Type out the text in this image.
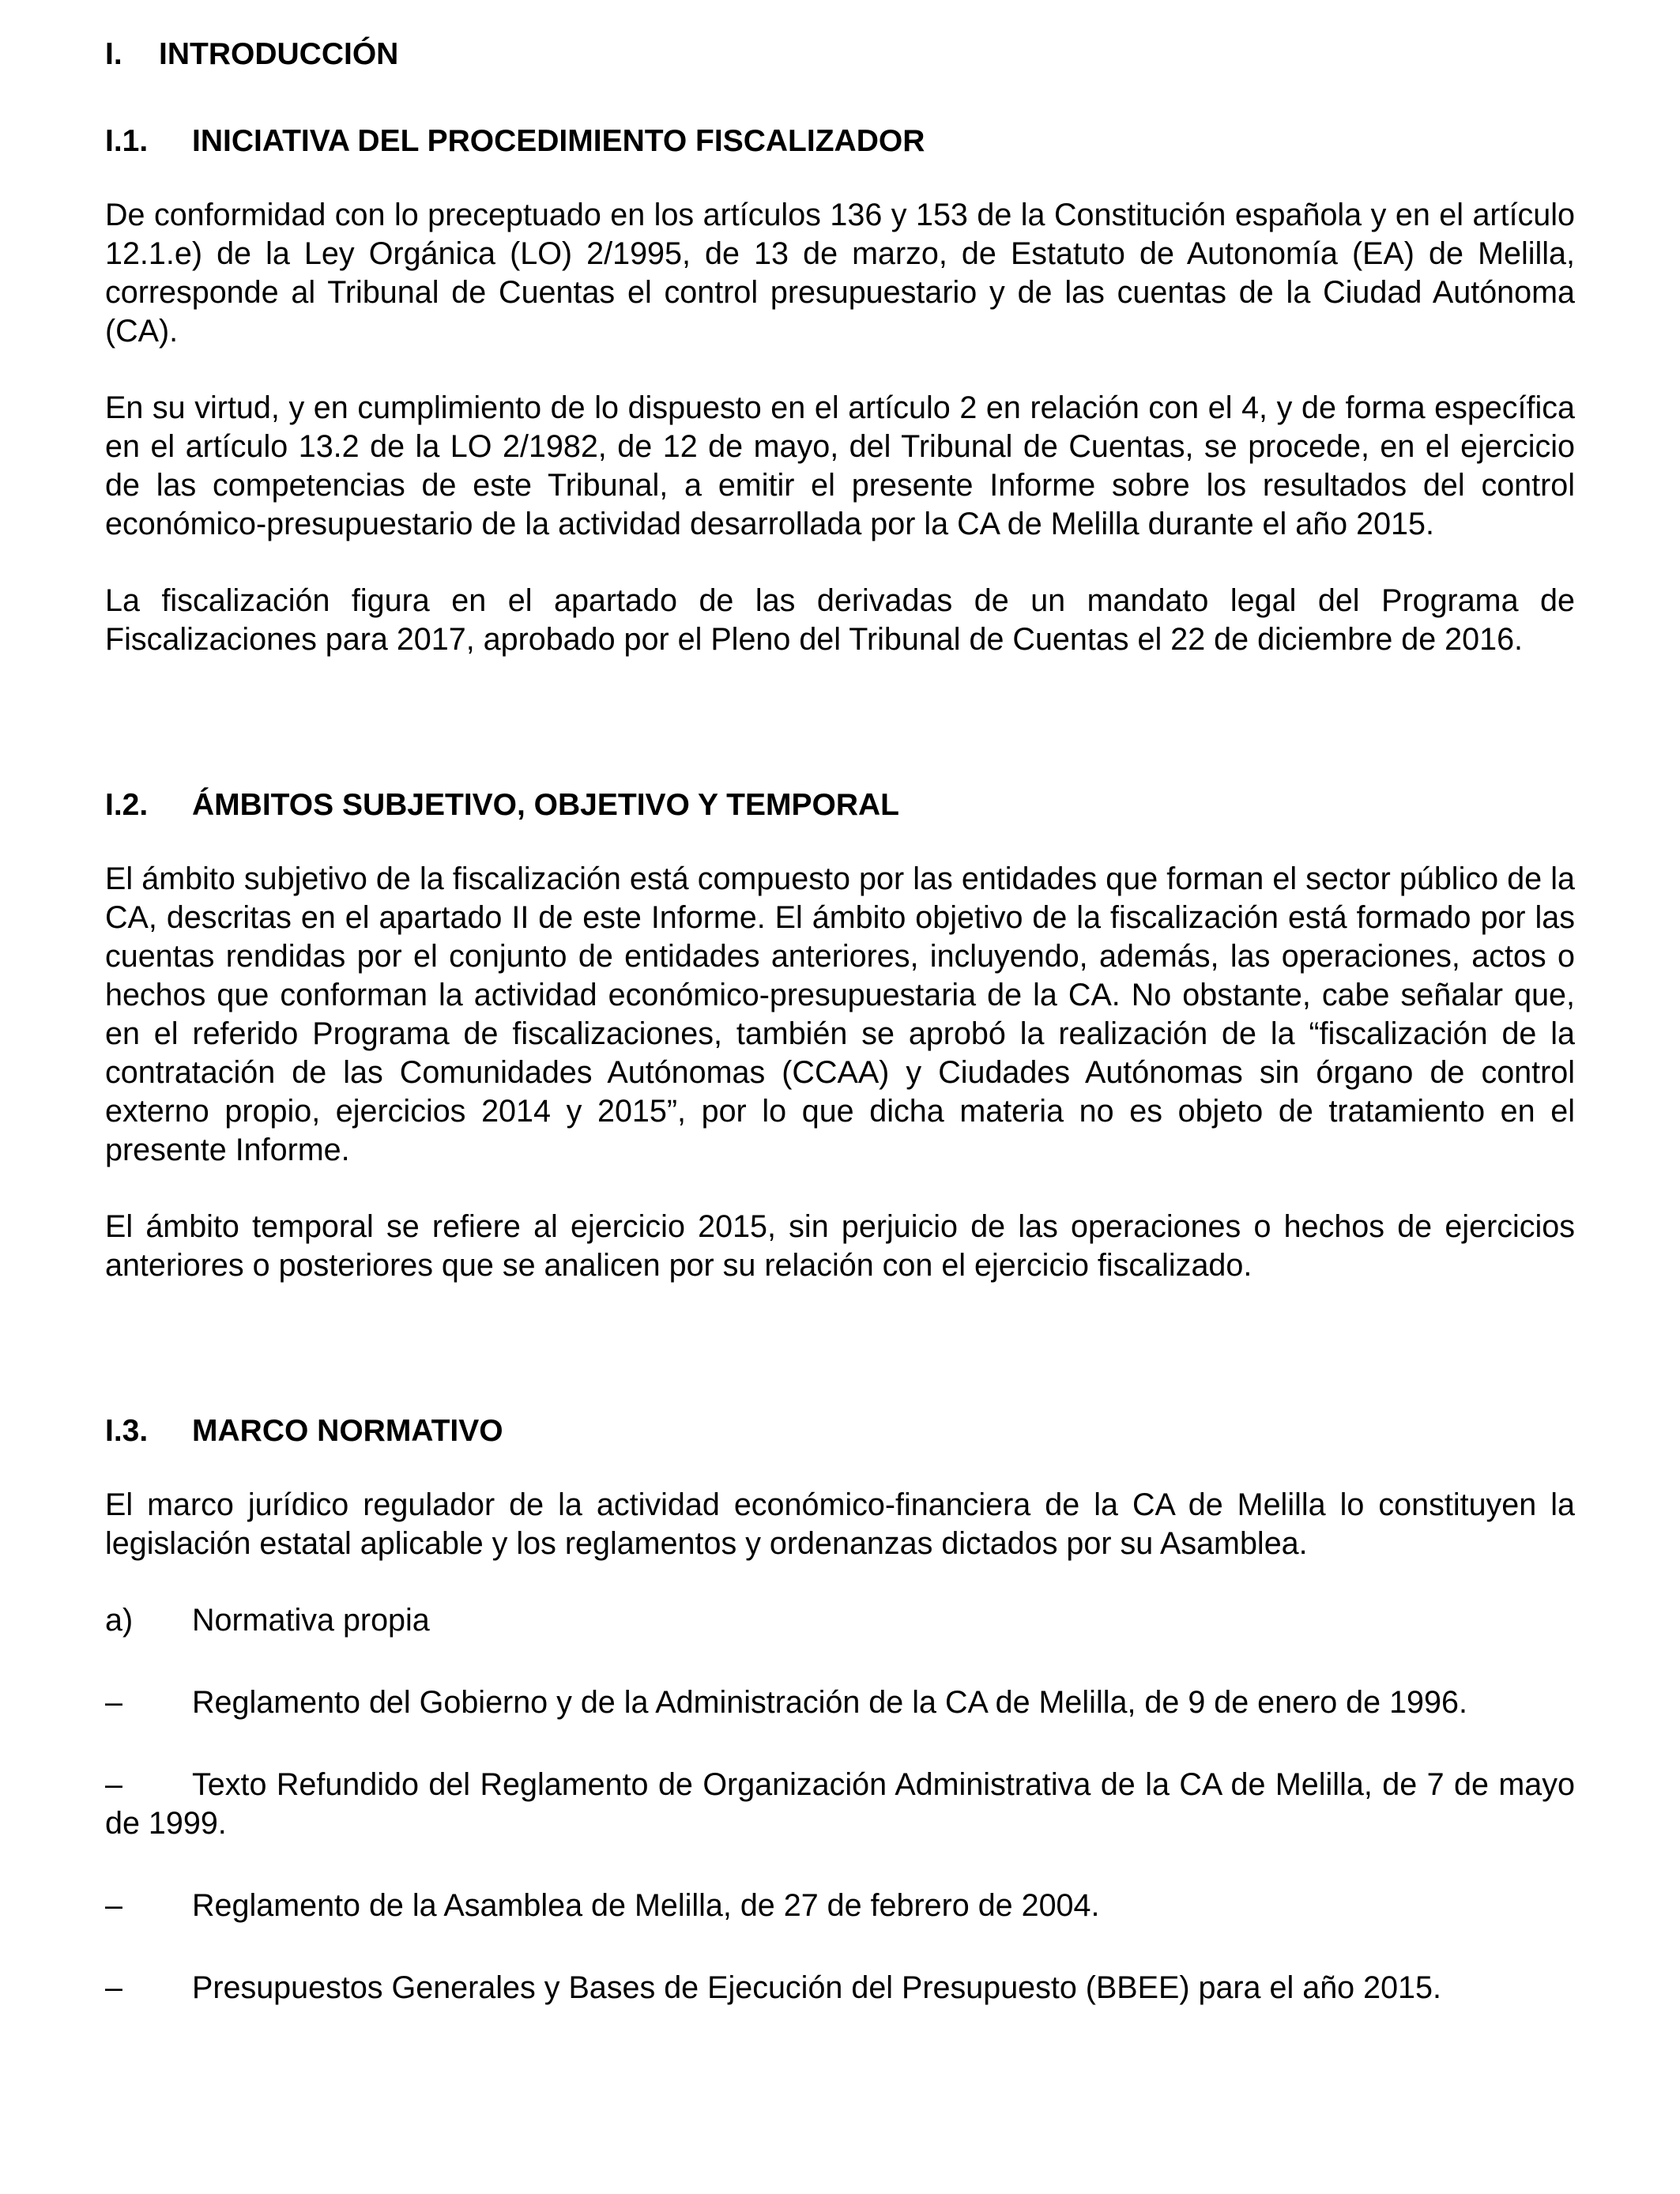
I.	INTRODUCCIÓN
I.1.	INICIATIVA DEL PROCEDIMIENTO FISCALIZADOR

De conformidad con lo preceptuado en los artículos 136 y 153 de la Constitución española y en el artículo 12.1.e) de la Ley Orgánica (LO) 2/1995, de 13 de marzo, de Estatuto de Autonomía (EA) de Melilla, corresponde al Tribunal de Cuentas el control presupuestario y de las cuentas de la Ciudad Autónoma (CA).

En su virtud, y en cumplimiento de lo dispuesto en el artículo 2 en relación con el 4, y de forma específica en el artículo 13.2 de la LO 2/1982, de 12 de mayo, del Tribunal de Cuentas, se procede, en el ejercicio de las competencias de este Tribunal, a emitir el presente Informe sobre los resultados del control económico-presupuestario de la actividad desarrollada por la CA de Melilla durante el año 2015.

La fiscalización figura en el apartado de las derivadas de un mandato legal del Programa de Fiscalizaciones para 2017, aprobado por el Pleno del Tribunal de Cuentas el 22 de diciembre de 2016.

I.2.	ÁMBITOS SUBJETIVO, OBJETIVO Y TEMPORAL

El ámbito subjetivo de la fiscalización está compuesto por las entidades que forman el sector público de la CA, descritas en el apartado II de este Informe. El ámbito objetivo de la fiscalización está formado por las cuentas rendidas por el conjunto de entidades anteriores, incluyendo, además, las operaciones, actos o hechos que conforman la actividad económico-presupuestaria de la CA. No obstante, cabe señalar que, en el referido Programa de fiscalizaciones, también se aprobó la realización de la “fiscalización de la contratación de las Comunidades Autónomas (CCAA) y Ciudades Autónomas sin órgano de control externo propio, ejercicios 2014 y 2015”, por lo que dicha materia no es objeto de tratamiento en el presente Informe.

El ámbito temporal se refiere al ejercicio 2015, sin perjuicio de las operaciones o hechos de ejercicios anteriores o posteriores que se analicen por su relación con el ejercicio fiscalizado.

I.3.	MARCO NORMATIVO

El marco jurídico regulador de la actividad económico-financiera de la CA de Melilla lo constituyen la legislación estatal aplicable y los reglamentos y ordenanzas dictados por su Asamblea.

a) Normativa propia
– Reglamento del Gobierno y de la Administración de la CA de Melilla, de 9 de enero de 1996.
– Texto Refundido del Reglamento de Organización Administrativa de la CA de Melilla, de 7 de mayo de 1999.
– Reglamento de la Asamblea de Melilla, de 27 de febrero de 2004.
– Presupuestos Generales y Bases de Ejecución del Presupuesto (BBEE) para el año 2015.
